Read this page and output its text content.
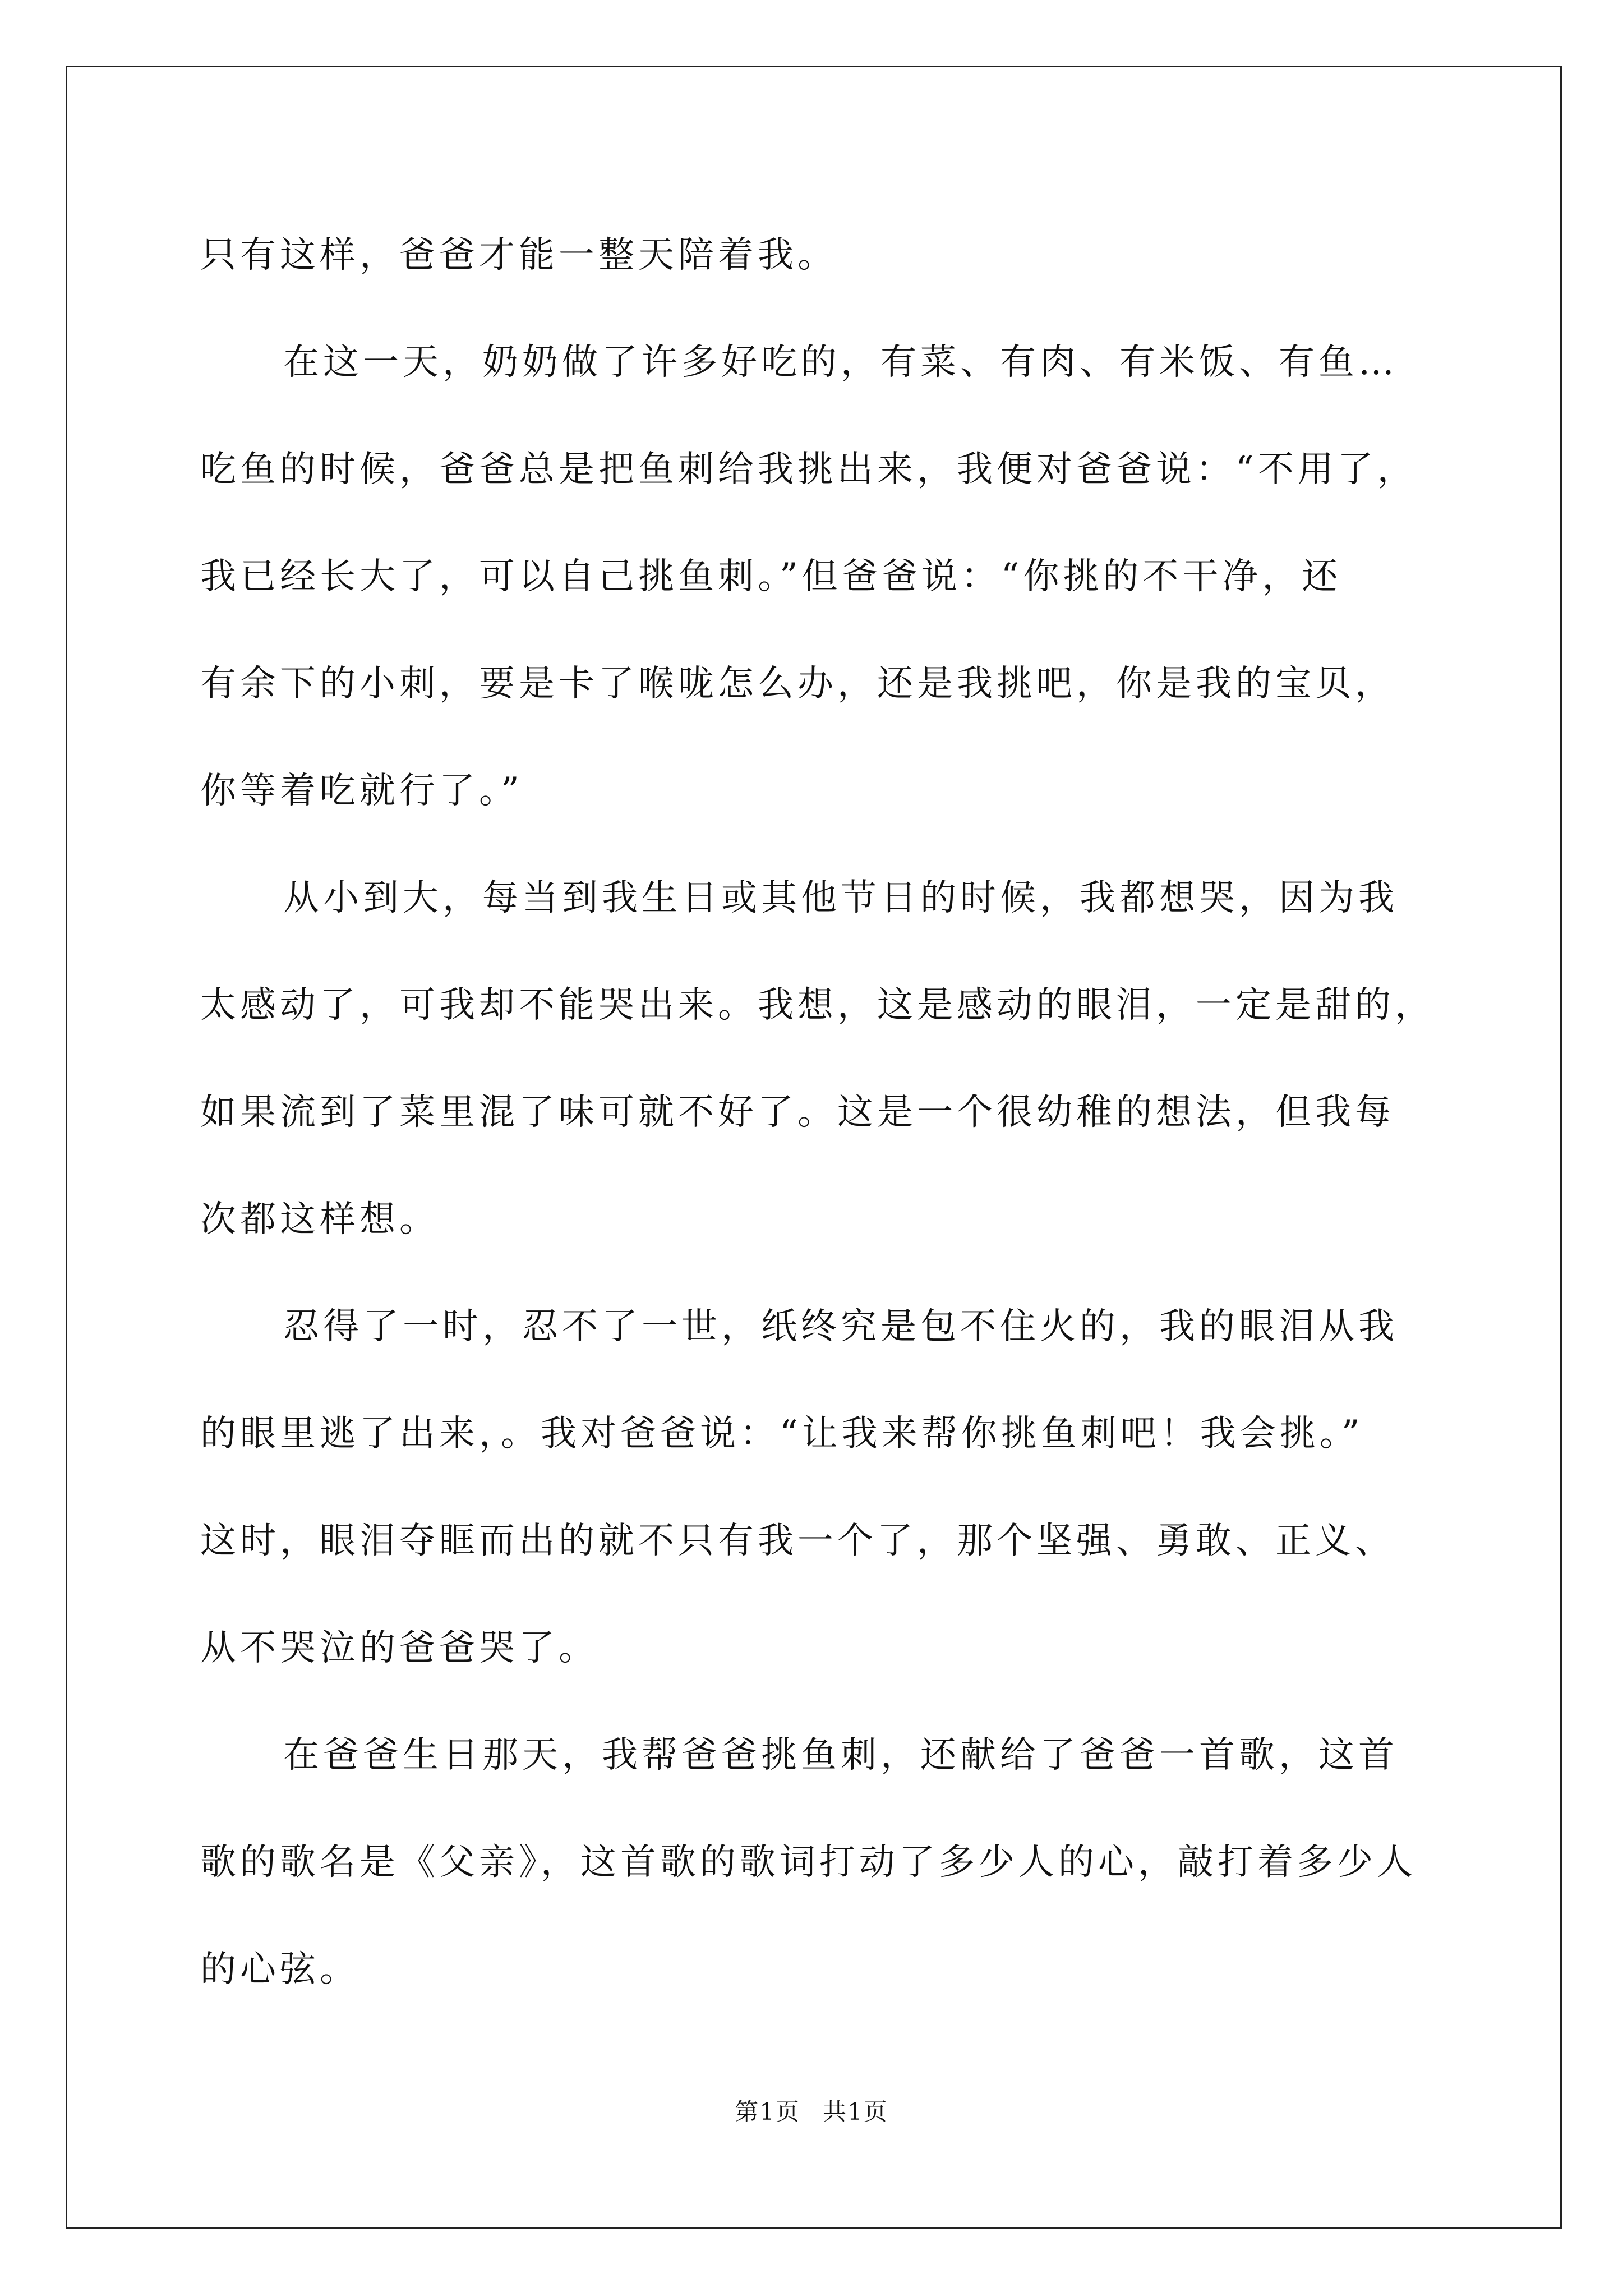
只有这样，爸爸才能一整天陪着我。
在这一天，奶奶做了许多好吃的，有菜、有肉、有米饭、有鱼…
吃鱼的时候，爸爸总是把鱼刺给我挑出来，我便对爸爸说：“不用了，
我已经长大了，可以自己挑鱼刺。”但爸爸说：“你挑的不干净，还
有余下的小刺，要是卡了喉咙怎么办，还是我挑吧，你是我的宝贝，
你等着吃就行了。”
从小到大，每当到我生日或其他节日的时候，我都想哭，因为我
太感动了，可我却不能哭出来。我想，这是感动的眼泪，一定是甜的，
如果流到了菜里混了味可就不好了。这是一个很幼稚的想法，但我每
次都这样想。
忍得了一时，忍不了一世，纸终究是包不住火的，我的眼泪从我
的眼里逃了出来，。我对爸爸说：“让我来帮你挑鱼刺吧！我会挑。”
这时，眼泪夺眶而出的就不只有我一个了，那个坚强、勇敢、正义、
从不哭泣的爸爸哭了。
在爸爸生日那天，我帮爸爸挑鱼刺，还献给了爸爸一首歌，这首
歌的歌名是《父亲》，这首歌的歌词打动了多少人的心，敲打着多少人
的心弦。
第1页 共1页
